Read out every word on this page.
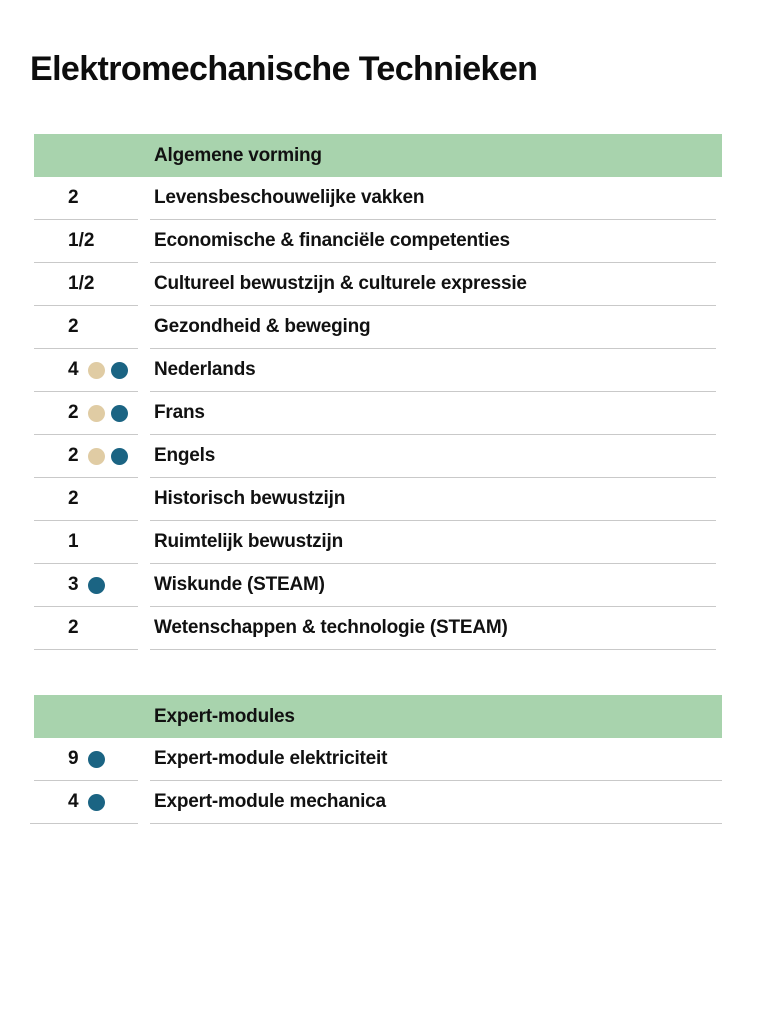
Elektromechanische Technieken
Algemene vorming
2	Levensbeschouwelijke vakken
1/2	Economische & financiële competenties
1/2	Cultureel bewustzijn & culturele expressie
2	Gezondheid & beweging
4	Nederlands
2	Frans
2	Engels
2	Historisch bewustzijn
1	Ruimtelijk bewustzijn
3	Wiskunde (STEAM)
2	Wetenschappen & technologie (STEAM)
Expert-modules
9	Expert-module elektriciteit
4	Expert-module mechanica
